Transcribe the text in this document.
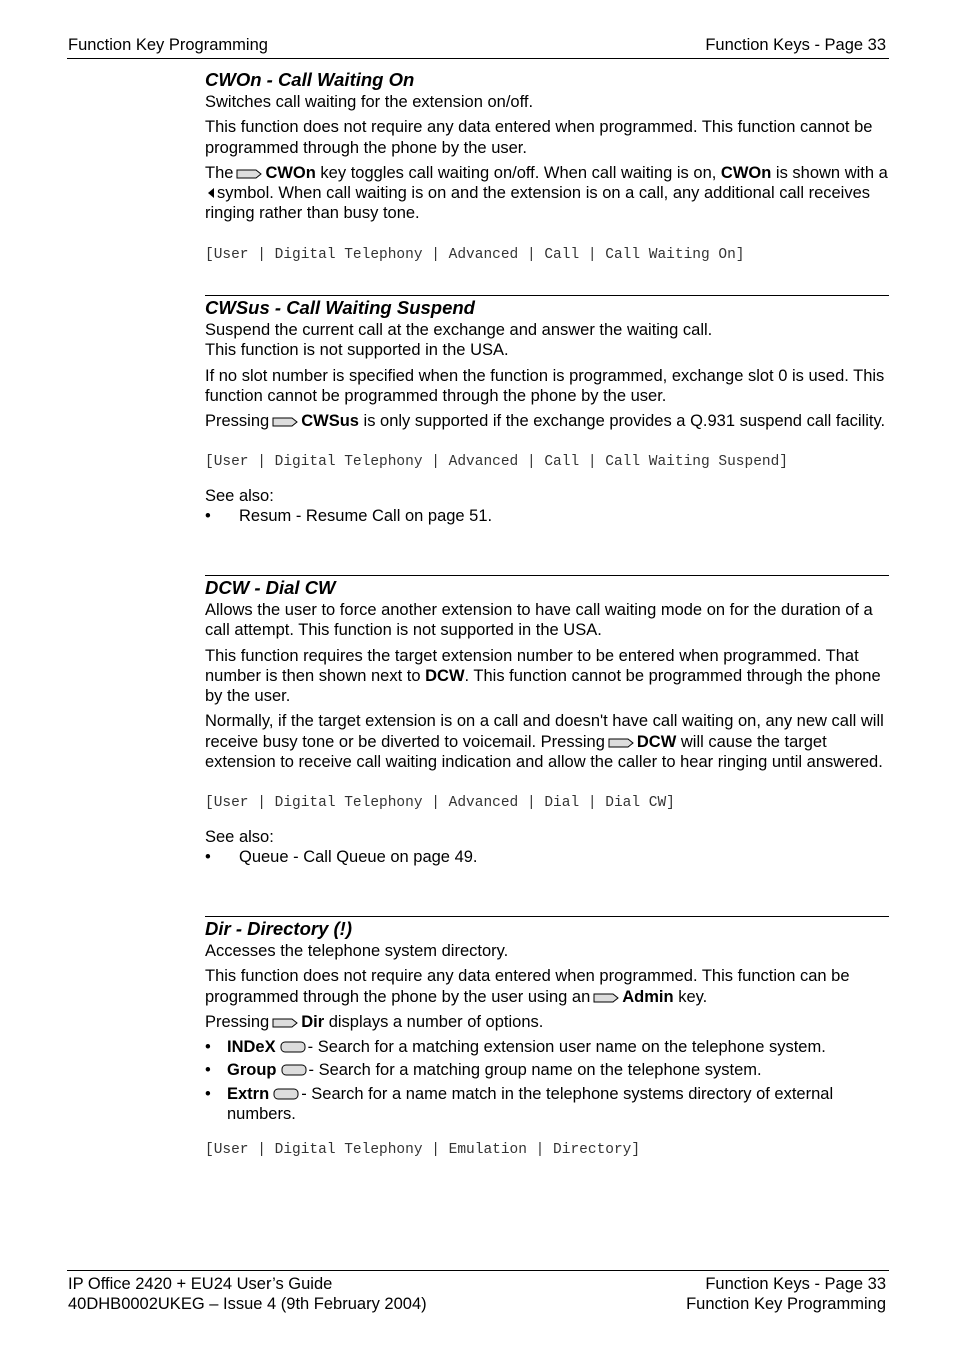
Function Key Programming	Function Keys - Page 33
CWOn - Call Waiting On

Switches call waiting for the extension on/off.

This function does not require any data entered when programmed. This function cannot be programmed through the phone by the user.

The CWOn key toggles call waiting on/off. When call waiting is on, CWOn is shown with asymbol. When call waiting is on and the extension is on a call, any additional call receives ringing rather than busy tone.

[User | Digital Telephony | Advanced | Call | Call Waiting On]
CWSus - Call Waiting Suspend

Suspend the current call at the exchange and answer the waiting call.

This function is not supported in the USA.

If no slot number is specified when the function is programmed, exchange slot 0 is used. This function cannot be programmed through the phone by the user.

Pressing CWSus is only supported if the exchange provides a Q.931 suspend call facility.

[User | Digital Telephony | Advanced | Call | Call Waiting Suspend]
See also:
• Resum - Resume Call on page 51.
DCW - Dial CW

Allows the user to force another extension to have call waiting mode on for the duration of a call attempt. This function is not supported in the USA.

This function requires the target extension number to be entered when programmed. That number is then shown next to DCW. This function cannot be programmed through the phone by the user.

Normally, if the target extension is on a call and doesn't have call waiting on, any new call will receive busy tone or be diverted to voicemail. Pressing DCW will cause the target extension to receive call waiting indication and allow the caller to hear ringing until answered.

[User | Digital Telephony | Advanced | Dial | Dial CW]
See also:
• Queue - Call Queue on page 49.
Dir - Directory (!)

Accesses the telephone system directory.

This function does not require any data entered when programmed. This function can be programmed through the phone by the user using an Admin key.

Pressing Dir displays a number of options.

• INDeX - Search for a matching extension user name on the telephone system.
• Group - Search for a matching group name on the telephone system.
• Extrn - Search for a name match in the telephone systems directory of external numbers.
[User | Digital Telephony | Emulation | Directory]
IP Office 2420 + EU24 User’s Guide	Function Keys - Page 33
40DHB0002UKEG – Issue 4 (9th February 2004)	Function Key Programming
